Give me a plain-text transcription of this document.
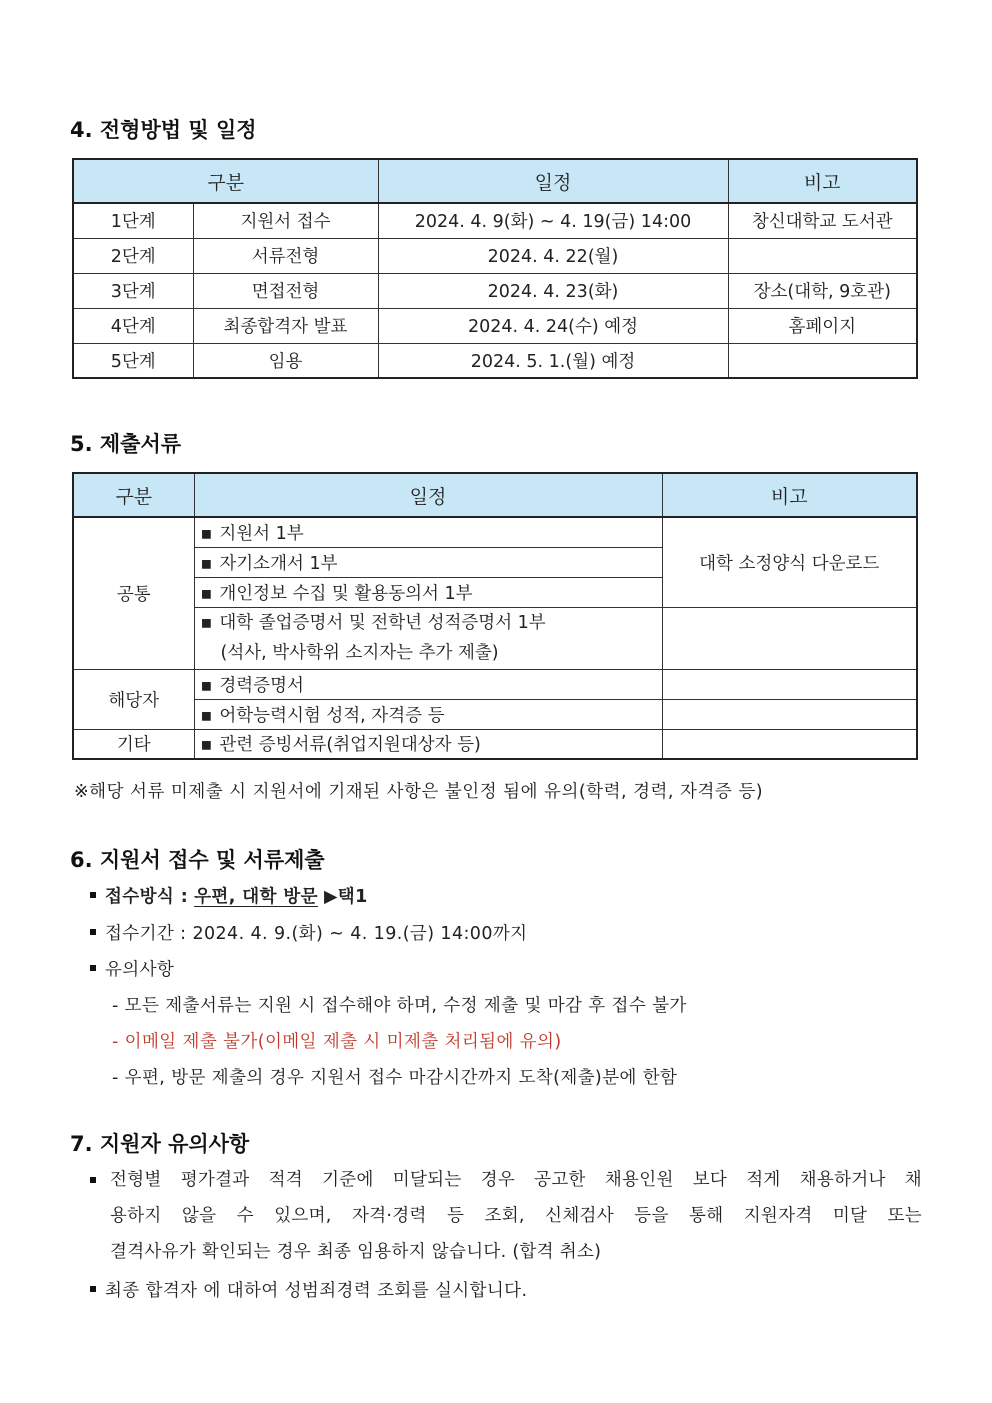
4. 전형방법 및 일정
구분		일정	비고
1단계	지원서 접수	2024. 4. 9(화) ~ 4. 19(금) 14:00	창신대학교 도서관
2단계	서류전형	2024. 4. 22(월)	
3단계	면접전형	2024. 4. 23(화)	장소(대학, 9호관)
4단계	최종합격자 발표	2024. 4. 24(수) 예정	홈페이지
5단계	임용	2024. 5. 1.(월) 예정	
5. 제출서류
구분	일정	비고
공통	▪ 지원서 1부	대학 소정양식 다운로드
	▪ 자기소개서 1부
	▪ 개인정보 수집 및 활용동의서 1부
	▪ 대학 졸업증명서 및 전학년 성적증명서 1부
(석사, 박사학위 소지자는 추가 제출)

해당자	▪ 경력증명서	
	▪ 어학능력시험 성적, 자격증 등	
기타	▪ 관련 증빙서류(취업지원대상자 등)	
※해당 서류 미제출 시 지원서에 기재된 사항은 불인정 됨에 유의(학력, 경력, 자격증 등)
6. 지원서 접수 및 서류제출
접수방식 : 우편, 대학 방문 ▶택1
접수기간 : 2024. 4. 9.(화) ~ 4. 19.(금) 14:00까지
유의사항
- 모든 제출서류는 지원 시 접수해야 하며, 수정 제출 및 마감 후 접수 불가
- 이메일 제출 불가(이메일 제출 시 미제출 처리됨에 유의)
- 우편, 방문 제출의 경우 지원서 접수 마감시간까지 도착(제출)분에 한함
7. 지원자 유의사항
전형별 평가결과 적격 기준에 미달되는 경우 공고한 채용인원 보다 적게 채용하거나 채
용하지 않을 수 있으며, 자격·경력 등 조회, 신체검사 등을 통해 지원자격 미달 또는
결격사유가 확인되는 경우 최종 임용하지 않습니다. (합격 취소)
최종 합격자 에 대하여 성범죄경력 조회를 실시합니다.
